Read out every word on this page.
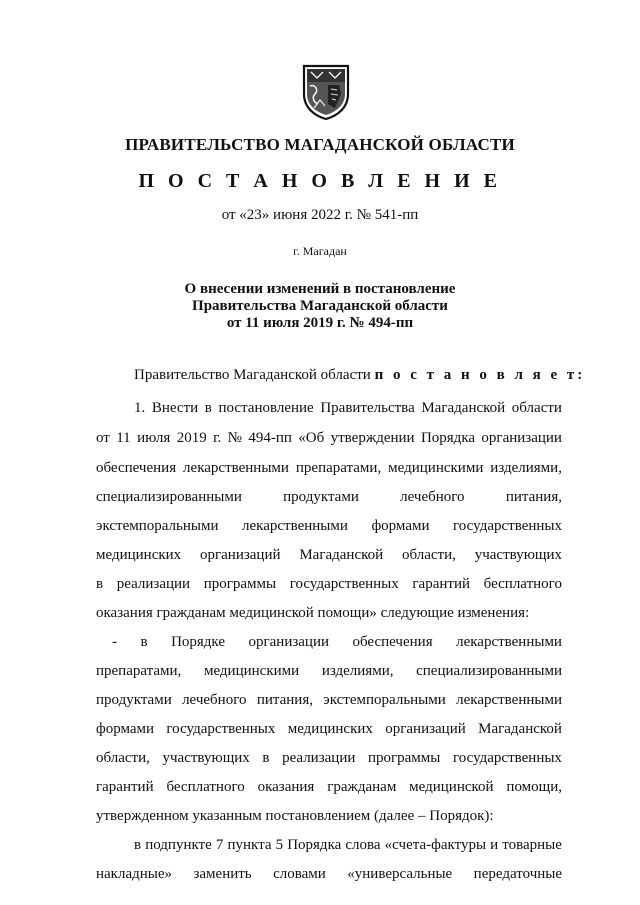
ПРАВИТЕЛЬСТВО МАГАДАНСКОЙ ОБЛАСТИ
П О С Т А Н О В Л Е Н И Е
от «23» июня 2022 г. № 541-пп
г. Магадан
О внесении изменений в постановление
Правительства Магаданской области
от 11 июля 2019 г. № 494-пп
Правительство Магаданской области п о с т а н о в л я е т:
1. Внести в постановление Правительства Магаданской области
от 11 июля 2019 г. № 494-пп «Об утверждении Порядка организации
обеспечения лекарственными препаратами, медицинскими изделиями,
специализированными	продуктами	лечебного	питания,
экстемпоральными лекарственными формами государственных
медицинских организаций Магаданской области, участвующих
в реализации программы государственных гарантий бесплатного
оказания гражданам медицинской помощи» следующие изменения:
- в Порядке организации обеспечения лекарственными
препаратами, медицинскими изделиями, специализированными
продуктами лечебного питания, экстемпоральными лекарственными
формами государственных медицинских организаций Магаданской
области, участвующих в реализации программы государственных
гарантий бесплатного оказания гражданам медицинской помощи,
утвержденном указанным постановлением (далее – Порядок):
в подпункте 7 пункта 5 Порядка слова «счета-фактуры и товарные
накладные» заменить словами «универсальные передаточные
